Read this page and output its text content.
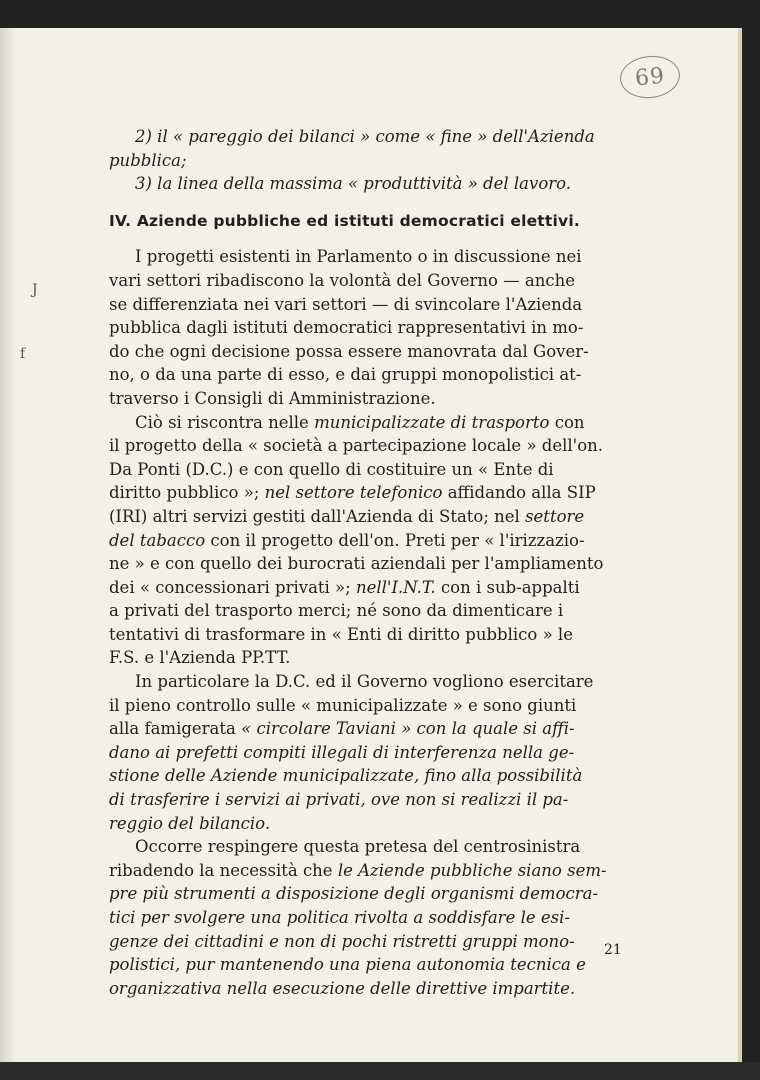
69
J
f
2) il « pareggio dei bilanci » come « fine » dell'Azienda
pubblica;
3) la linea della massima « produttività » del lavoro.
IV. Aziende pubbliche ed istituti democratici elettivi.
I progetti esistenti in Parlamento o in discussione nei
vari settori ribadiscono la volontà del Governo — anche
se differenziata nei vari settori — di svincolare l'Azienda
pubblica dagli istituti democratici rappresentativi in mo-
do che ogni decisione possa essere manovrata dal Gover-
no, o da una parte di esso, e dai gruppi monopolistici at-
traverso i Consigli di Amministrazione.
Ciò si riscontra nelle
municipalizzate di trasporto
con
il progetto della « società a partecipazione locale » dell'on.
Da Ponti (D.C.) e con quello di costituire un « Ente di
diritto pubblico »;
nel settore telefonico
affidando alla SIP
(IRI) altri servizi gestiti dall'Azienda di Stato; nel
settore
del tabacco
con il progetto dell'on. Preti per « l'irizzazio-
ne » e con quello dei burocrati aziendali per l'ampliamento
dei « concessionari privati »;
nell'I.N.T.
con i sub-appalti
a privati del trasporto merci; né sono da dimenticare i
tentativi di trasformare in « Enti di diritto pubblico » le
F.S. e l'Azienda PP.TT.
In particolare la D.C. ed il Governo vogliono esercitare
il pieno controllo sulle « municipalizzate » e sono giunti
alla famigerata
« circolare Taviani » con la quale si affi-
dano ai prefetti compiti illegali di interferenza nella ge-
stione delle Aziende municipalizzate, fino alla possibilità
di trasferire i servizi ai privati, ove non si realizzi il pa-
reggio del bilancio.
Occorre respingere questa pretesa del centrosinistra
ribadendo la necessità che
le Aziende pubbliche siano sem-
pre più strumenti a disposizione degli organismi democra-
tici per svolgere una politica rivolta a soddisfare le esi-
genze dei cittadini e non di pochi ristretti gruppi mono-
polistici, pur mantenendo una piena autonomia tecnica e
organizzativa nella esecuzione delle direttive impartite.
21
